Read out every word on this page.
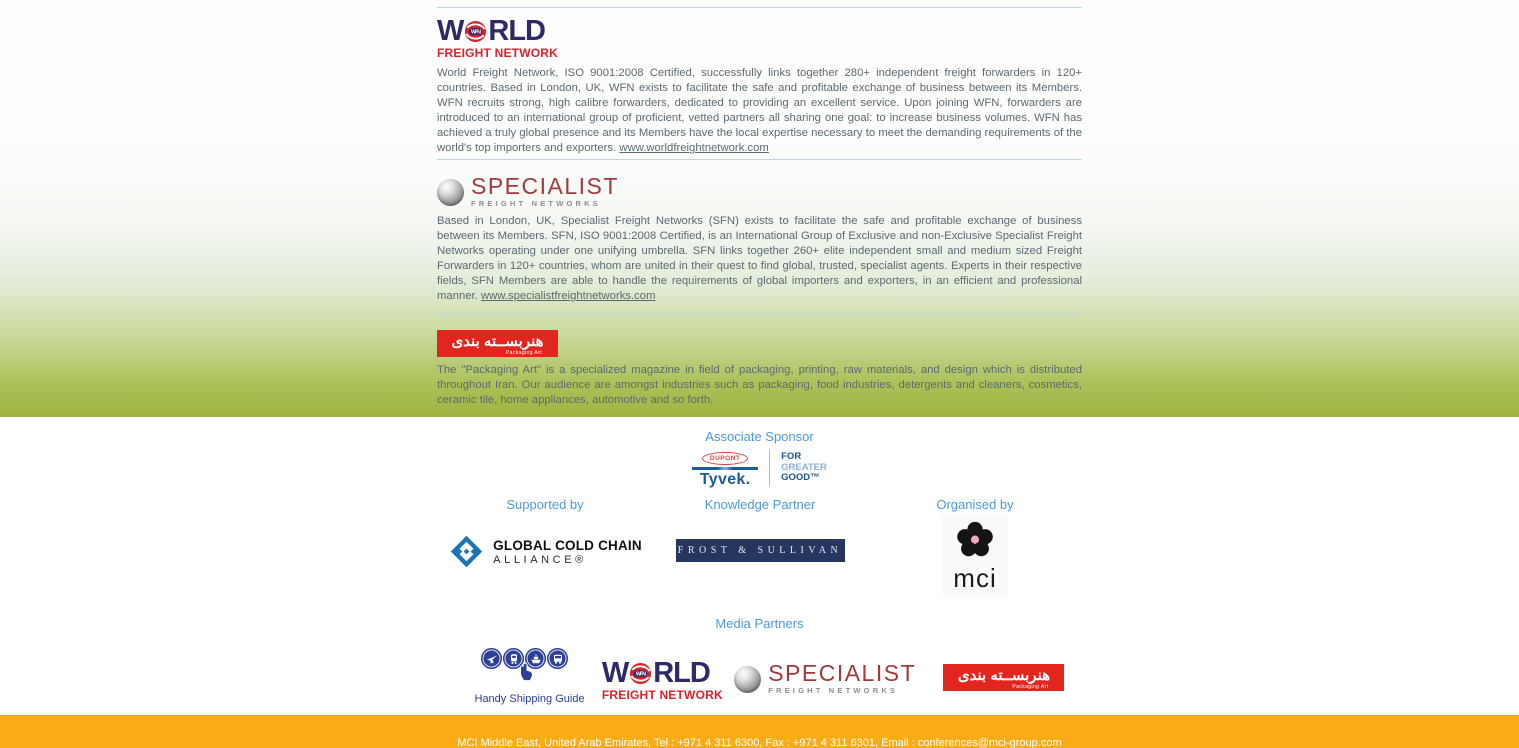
W WFN RLD
FREIGHT NETWORK

World Freight Network, ISO 9001:2008 Certified, successfully links together 280+ independent freight forwarders in 120+ countries. Based in London, UK, WFN exists to facilitate the safe and profitable exchange of business between its Members. WFN recruits strong, high calibre forwarders, dedicated to providing an excellent service. Upon joining WFN, forwarders are introduced to an international group of proficient, vetted partners all sharing one goal: to increase business volumes. WFN has achieved a truly global presence and its Members have the local expertise necessary to meet the demanding requirements of the world's top importers and exporters. www.worldfreightnetwork.com

SPECIALIST
FREIGHT NETWORKS

Based in London, UK, Specialist Freight Networks (SFN) exists to facilitate the safe and profitable exchange of business between its Members. SFN, ISO 9001:2008 Certified, is an International Group of Exclusive and non-Exclusive Specialist Freight Networks operating under one unifying umbrella. SFN links together 260+ elite independent small and medium sized Freight Forwarders in 120+ countries, whom are united in their quest to find global, trusted, specialist agents. Experts in their respective fields, SFN Members are able to handle the requirements of global importers and exporters, in an efficient and professional manner. www.specialistfreightnetworks.com

هنربســته بندی
Packaging Art

The "Packaging Art" is a specialized magazine in field of packaging, printing, raw materials, and design which is distributed throughout Iran. Our audience are amongst industries such as packaging, food industries, detergents and cleaners, cosmetics, ceramic tile, home appliances, automotive and so forth.

Associate Sponsor
DUPONT
Tyvek.
FOR
GREATER
GOOD™
Supported by
GLOBAL COLD CHAIN
ALLIANCE®
Knowledge Partner
FROST & SULLIVAN
Organised by
mci
Media Partners
Handy Shipping Guide
W WFN RLD
FREIGHT NETWORK
SPECIALIST
FREIGHT NETWORKS
هنربســته بندی
Packaging Art
MCI Middle East, United Arab Emirates, Tel : +971 4 311 6300, Fax : +971 4 311 6301, Email : conferences@mci-group.com
